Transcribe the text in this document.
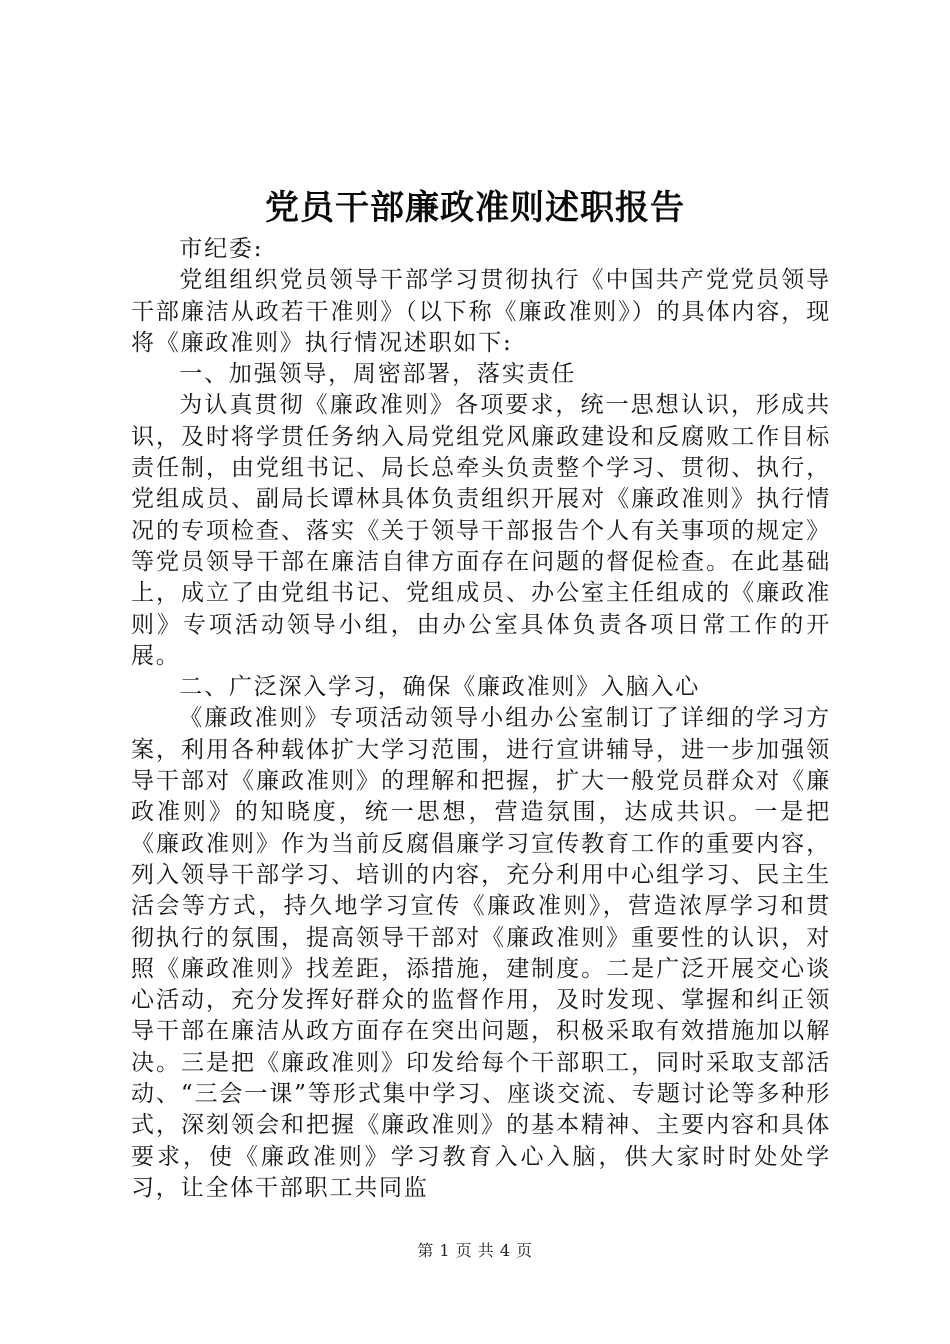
党员干部廉政准则述职报告

市纪委:

党组组织党员领导干部学习贯彻执行《中国共产党党员领导干部廉洁从政若干准则》（以下称《廉政准则》）的具体内容，现将《廉政准则》执行情况述职如下:

一、加强领导，周密部署，落实责任

为认真贯彻《廉政准则》各项要求，统一思想认识，形成共识，及时将学贯任务纳入局党组党风廉政建设和反腐败工作目标责任制，由党组书记、局长总牵头负责整个学习、贯彻、执行，党组成员、副局长谭林具体负责组织开展对《廉政准则》执行情况的专项检查、落实《关于领导干部报告个人有关事项的规定》等党员领导干部在廉洁自律方面存在问题的督促检查。在此基础上，成立了由党组书记、党组成员、办公室主任组成的《廉政准则》专项活动领导小组，由办公室具体负责各项日常工作的开展。

二、广泛深入学习，确保《廉政准则》入脑入心

《廉政准则》专项活动领导小组办公室制订了详细的学习方案，利用各种载体扩大学习范围，进行宣讲辅导，进一步加强领导干部对《廉政准则》的理解和把握，扩大一般党员群众对《廉政准则》的知晓度，统一思想，营造氛围，达成共识。一是把《廉政准则》作为当前反腐倡廉学习宣传教育工作的重要内容，列入领导干部学习、培训的内容，充分利用中心组学习、民主生活会等方式，持久地学习宣传《廉政准则》，营造浓厚学习和贯彻执行的氛围，提高领导干部对《廉政准则》重要性的认识，对照《廉政准则》找差距，添措施，建制度。二是广泛开展交心谈心活动，充分发挥好群众的监督作用，及时发现、掌握和纠正领导干部在廉洁从政方面存在突出问题，积极采取有效措施加以解决。三是把《廉政准则》印发给每个干部职工，同时采取支部活动、“三会一课”等形式集中学习、座谈交流、专题讨论等多种形式，深刻领会和把握《廉政准则》的基本精神、主要内容和具体要求，使《廉政准则》学习教育入心入脑，供大家时时处处学习，让全体干部职工共同监

第 1 页 共 4 页
